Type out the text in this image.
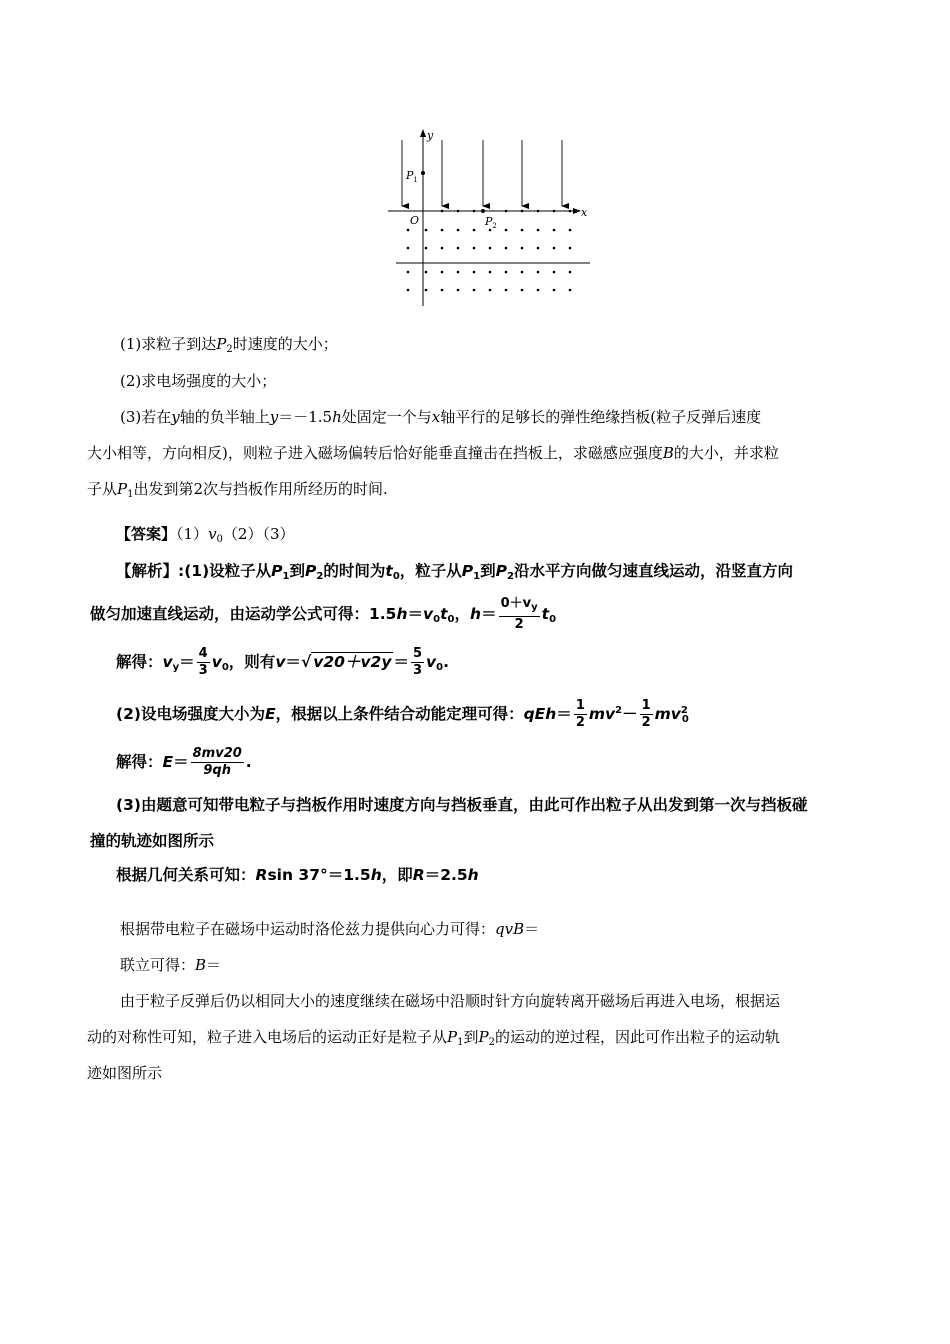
y
x
O
$P_1$
$P_2$
(1)求粒子到达$P_2$时速度的大小；
(2)求电场强度的大小；
(3)若在y轴的负半轴上y＝－1.5h处固定一个与x轴平行的足够长的弹性绝缘挡板(粒子反弹后速度
大小相等，方向相反)，则粒子进入磁场偏转后恰好能垂直撞击在挡板上，求磁感应强度B的大小，并求粒
子从$P_1$出发到第2次与挡板作用所经历的时间.
【答案】$(1)v_0(2)(3)$
【解析】:(1)设粒子从$P_1$到$P_2$的时间为$t_0$，粒子从$P_1$到$P_2$沿水平方向做匀速直线运动，沿竖直方向
做匀加速直线运动，由运动学公式可得：$1.5h=v_0t_0$，$h= \frac{0+v_y}{2} t_0$
解得：$v_y= \frac{4}{3} v_0$，则有v＝√ $v20+v2y = \frac{5}{3} v_0$.
(2)设电场强度大小为E，根据以上条件结合动能定理可得：$qEh= \frac{1}{2} mv^2- \frac{1}{2} mv^2_0$
解得：$E= \frac{8mv20}{9qh}$ .
(3)由题意可知带电粒子与挡板作用时速度方向与挡板垂直，由此可作出粒子从出发到第一次与挡板碰
撞的轨迹如图所示
根据几何关系可知：Rsin 37°＝1.5h，即R＝2.5h
根据带电粒子在磁场中运动时洛伦兹力提供向心力可得：qvB＝
联立可得：B＝
由于粒子反弹后仍以相同大小的速度继续在磁场中沿顺时针方向旋转离开磁场后再进入电场，根据运
动的对称性可知，粒子进入电场后的运动正好是粒子从$P_1$到$P_2$的运动的逆过程，因此可作出粒子的运动轨
迹如图所示
